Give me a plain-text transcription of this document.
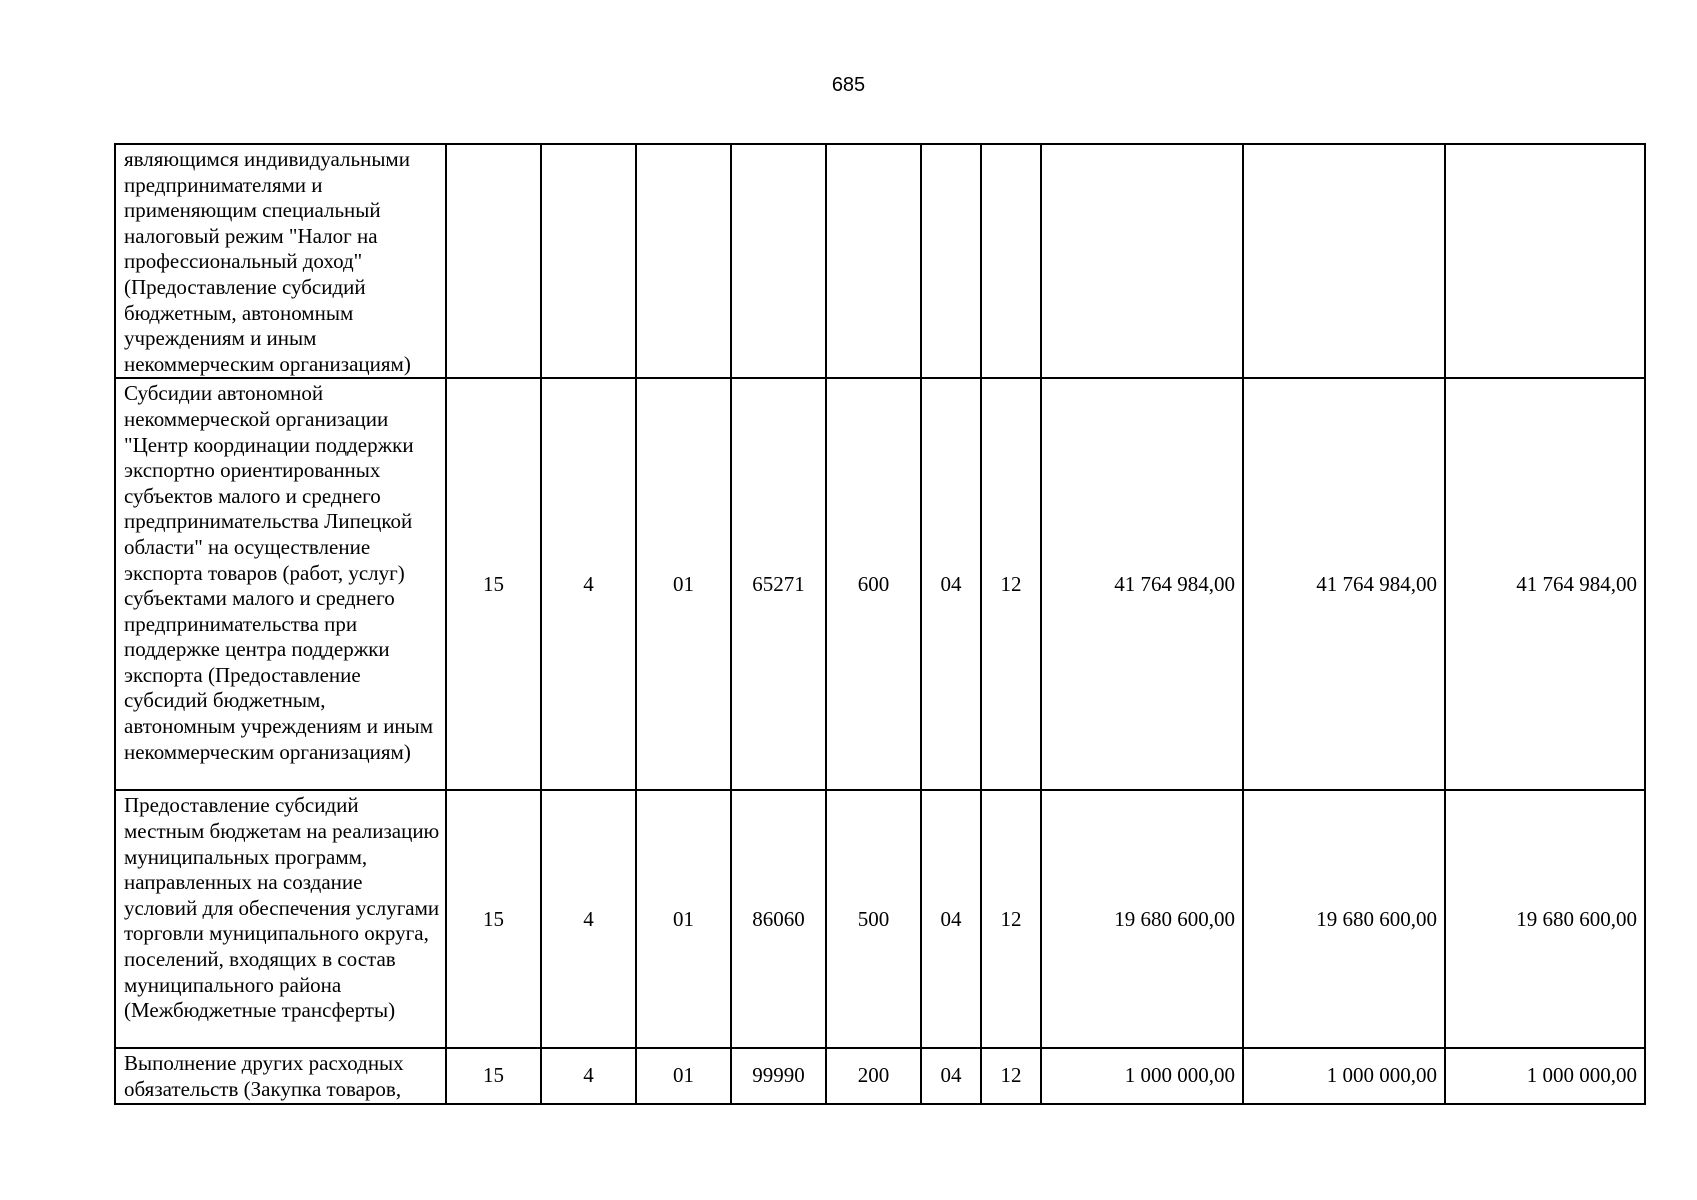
685
являющимся индивидуальными предпринимателями и применяющим специальный налоговый режим "Налог на профессиональный доход" (Предоставление субсидий бюджетным, автономным учреждениям и иным некоммерческим организациям)										
Субсидии автономной некоммерческой организации "Центр координации поддержки экспортно ориентированных субъектов малого и среднего предпринимательства Липецкой области" на осуществление экспорта товаров (работ, услуг) субъектами малого и среднего предпринимательства при поддержке центра поддержки экспорта (Предоставление субсидий бюджетным, автономным учреждениям и иным некоммерческим организациям)	15	4	01	65271	600	04	12	41 764 984,00	41 764 984,00	41 764 984,00
Предоставление субсидий местным бюджетам на реализацию муниципальных программ, направленных на создание условий для обеспечения услугами торговли муниципального округа, поселений, входящих в состав муниципального района (Межбюджетные трансферты)	15	4	01	86060	500	04	12	19 680 600,00	19 680 600,00	19 680 600,00
Выполнение других расходных обязательств (Закупка товаров,	15	4	01	99990	200	04	12	1 000 000,00	1 000 000,00	1 000 000,00
